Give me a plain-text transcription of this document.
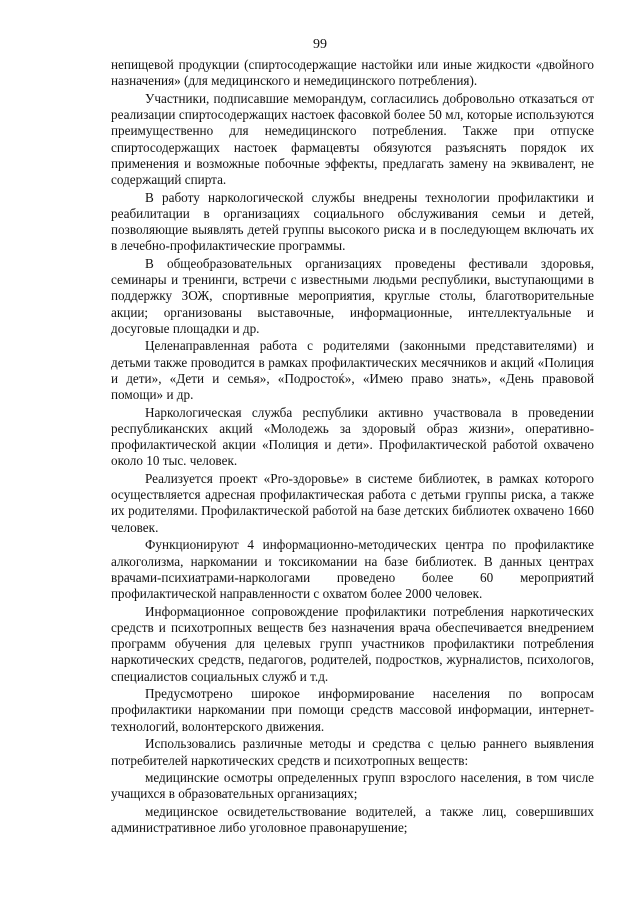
99

непищевой продукции (спиртосодержащие настойки или иные жидкости «двойного назначения» (для медицинского и немедицинского потребления).

Участники, подписавшие меморандум, согласились добровольно отказаться от реализации спиртосодержащих настоек фасовкой более 50 мл, которые используются преимущественно для немедицинского потребления. Также при отпуске спиртосодержащих настоек фармацевты обязуются разъяснять порядок их применения и возможные побочные эффекты, предлагать замену на эквивалент, не содержащий спирта.

В работу наркологической службы внедрены технологии профилактики и реабилитации в организациях социального обслуживания семьи и детей, позволяющие выявлять детей группы высокого риска и в последующем включать их в лечебно-профилактические программы.

В общеобразовательных организациях проведены фестивали здоровья, семинары и тренинги, встречи с известными людьми республики, выступающими в поддержку ЗОЖ, спортивные мероприятия, круглые столы, благотворительные акции; организованы выставочные, информационные, интеллектуальные и досуговые площадки и др.

Целенаправленная работа с родителями (законными представителями) и детьми также проводится в рамках профилактических месячников и акций «Полиция и дети», «Дети и семья», «Подростоќ», «Имею право знать», «День правовой помощи» и др.

Наркологическая служба республики активно участвовала в проведении республиканских акций «Молодежь за здоровый образ жизни», оперативно-профилактической акции «Полиция и дети». Профилактической работой охвачено около 10 тыс. человек.

Реализуется проект «Pro-здоровье» в системе библиотек, в рамках которого осуществляется адресная профилактическая работа с детьми группы риска, а также их родителями. Профилактической работой на базе детских библиотек охвачено 1660 человек.

Функционируют 4 информационно-методических центра по профилактике алкоголизма, наркомании и токсикомании на базе библиотек. В данных центрах врачами-психиатрами-наркологами проведено более 60 мероприятий профилактической направленности с охватом более 2000 человек.

Информационное сопровождение профилактики потребления наркотических средств и психотропных веществ без назначения врача обеспечивается внедрением программ обучения для целевых групп участников профилактики потребления наркотических средств, педагогов, родителей, подростков, журналистов, психологов, специалистов социальных служб и т.д.

Предусмотрено широкое информирование населения по вопросам профилактики наркомании при помощи средств массовой информации, интернет-технологий, волонтерского движения.

Использовались различные методы и средства с целью раннего выявления потребителей наркотических средств и психотропных веществ:

медицинские осмотры определенных групп взрослого населения, в том числе учащихся в образовательных организациях;

медицинское освидетельствование водителей, а также лиц, совершивших административное либо уголовное правонарушение;
